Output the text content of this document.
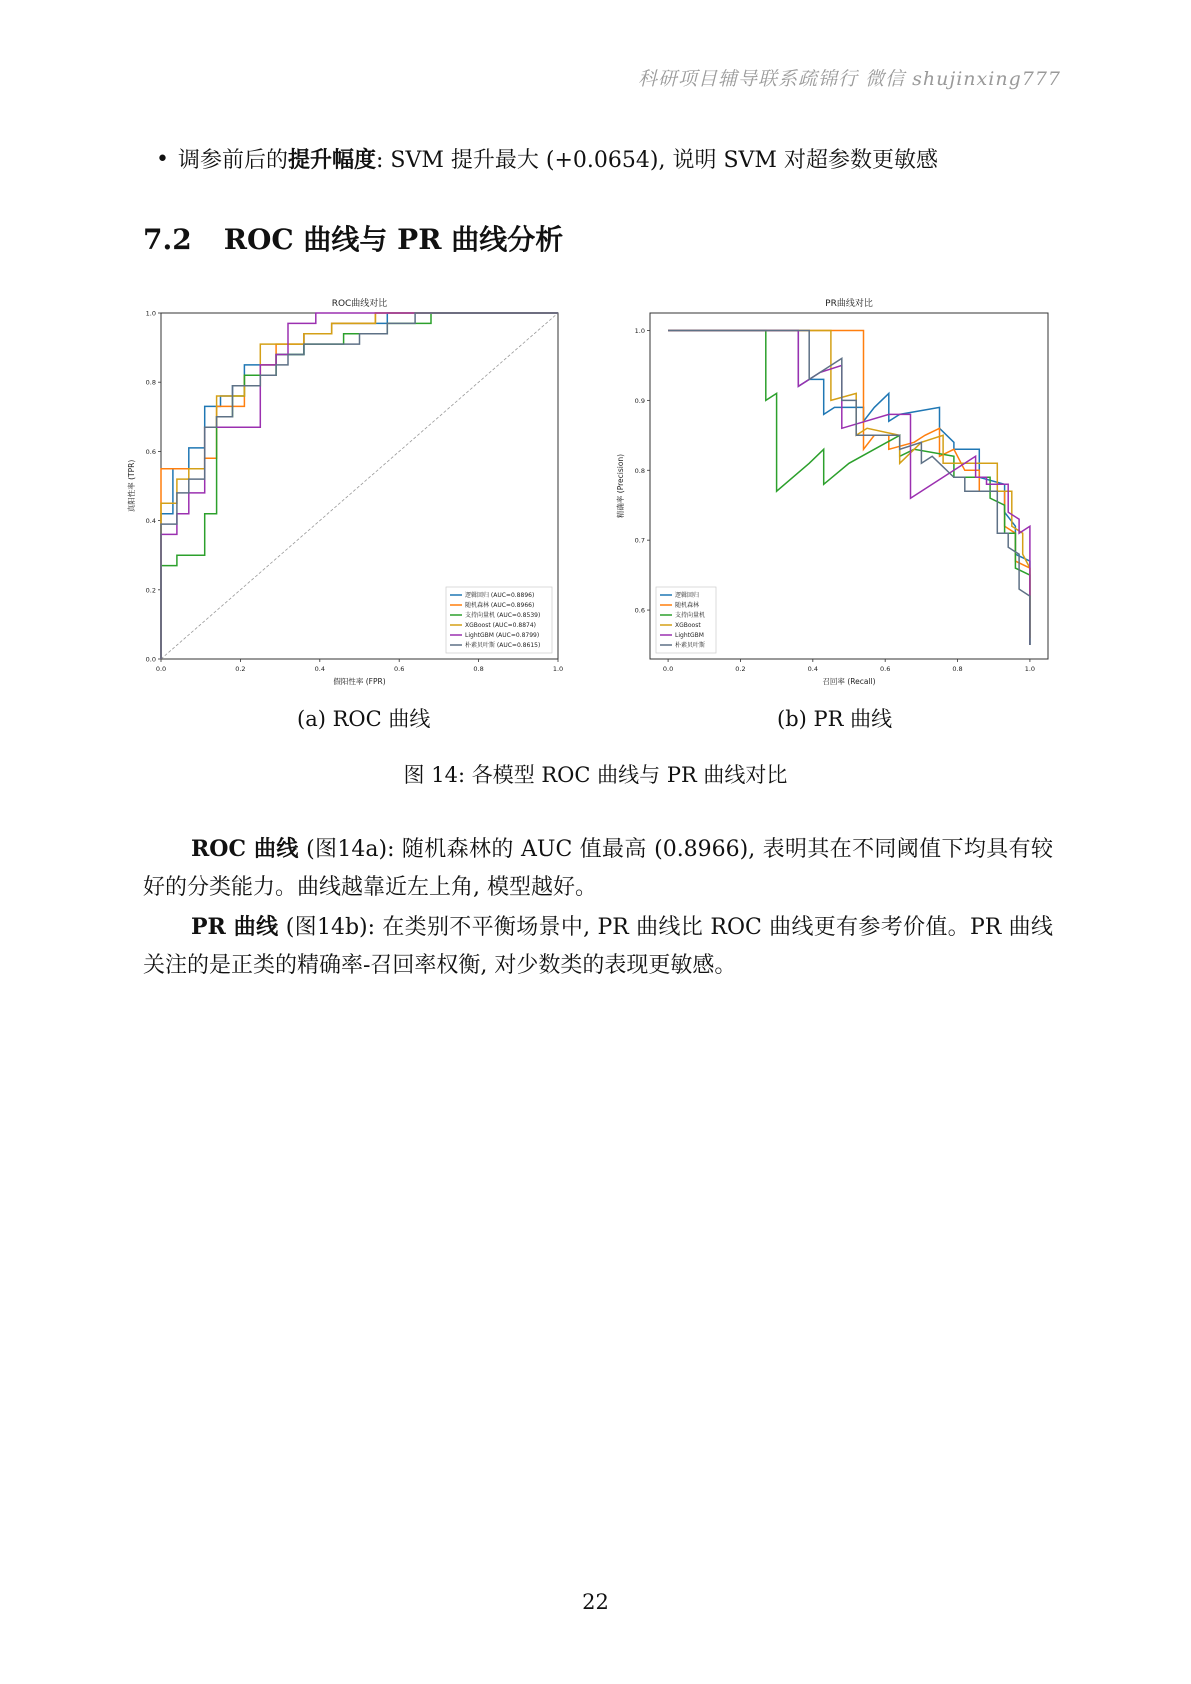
科研项目辅导联系疏锦行 微信 shujinxing777
• 调参前后的提升幅度: SVM 提升最大 (+0.0654), 说明 SVM 对超参数更敏感
7.2 ROC 曲线与 PR 曲线分析
ROC曲线对比
0.0	0.2	0.4	0.6	0.8	1.0
0.0
0.2
0.4
0.6
0.8
1.0
假阳性率 (FPR)
真阳性率 (TPR)
逻辑回归 (AUC=0.8896)
随机森林 (AUC=0.8966)
支持向量机 (AUC=0.8539)
XGBoost (AUC=0.8874)
LightGBM (AUC=0.8799)
朴素贝叶斯 (AUC=0.8615)
PR曲线对比
0.0	0.2	0.4	0.6	0.8	1.0
0.6
0.7
0.8
0.9
1.0
召回率 (Recall)
精确率 (Precision)
逻辑回归
随机森林
支持向量机
XGBoost
LightGBM
朴素贝叶斯
(a) ROC 曲线	(b) PR 曲线
图 14: 各模型 ROC 曲线与 PR 曲线对比
ROC 曲线 (图14a): 随机森林的 AUC 值最高 (0.8966), 表明其在不同阈值下均具有较好的分类能力。曲线越靠近左上角, 模型越好。
PR 曲线 (图14b): 在类别不平衡场景中, PR 曲线比 ROC 曲线更有参考价值。PR 曲线关注的是正类的精确率-召回率权衡, 对少数类的表现更敏感。
22
